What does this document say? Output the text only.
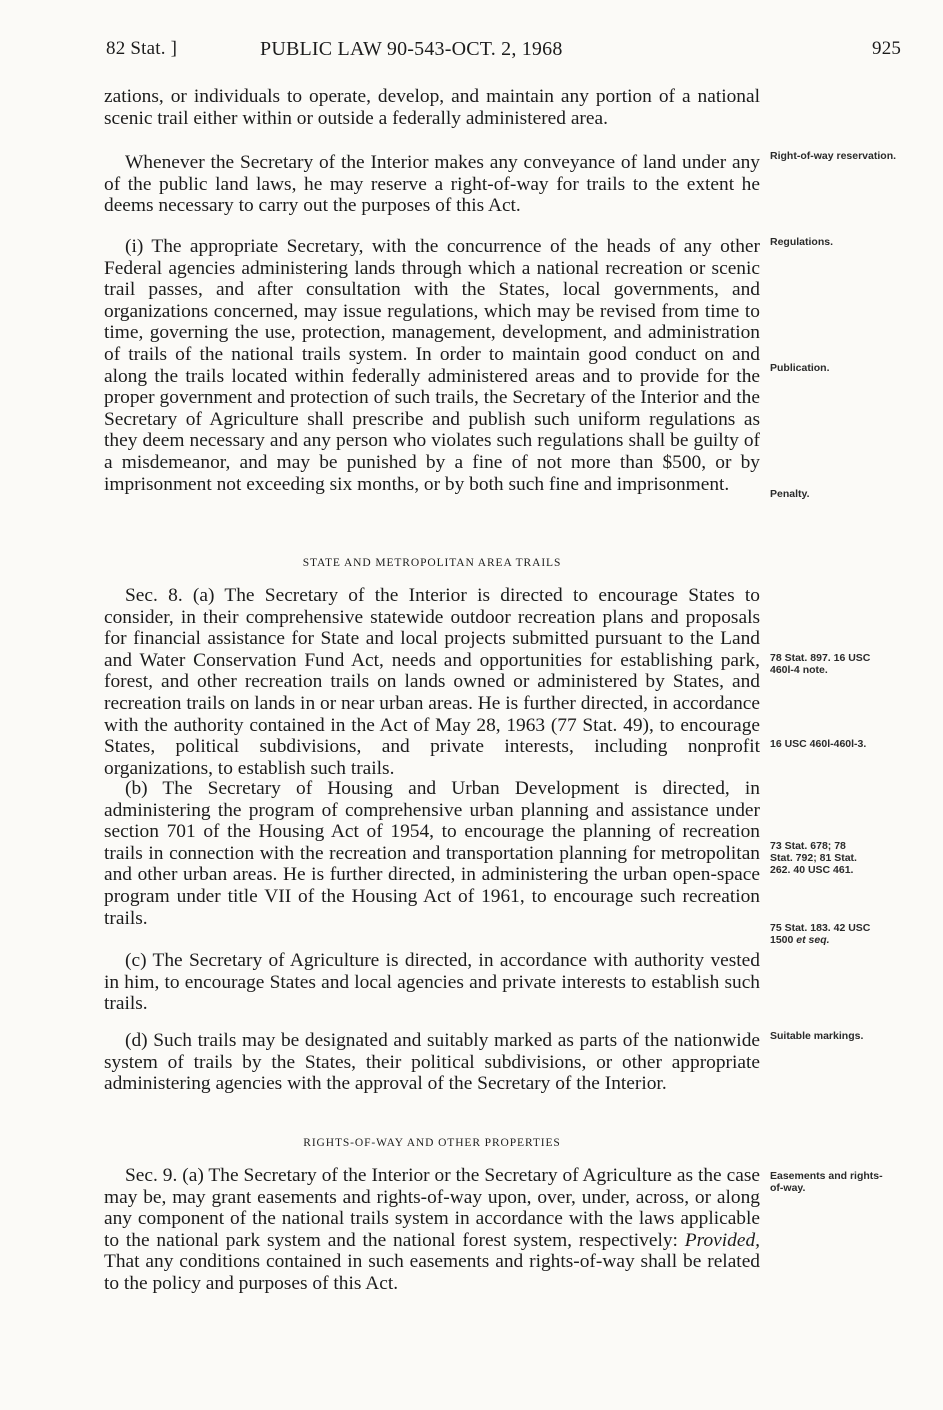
82 Stat. ]	PUBLIC LAW 90-543-OCT. 2, 1968	925

zations, or individuals to operate, develop, and maintain any portion of a national scenic trail either within or outside a federally administered area.

Whenever the Secretary of the Interior makes any conveyance of land under any of the public land laws, he may reserve a right-of-way for trails to the extent he deems necessary to carry out the purposes of this Act.

(i) The appropriate Secretary, with the concurrence of the heads of any other Federal agencies administering lands through which a national recreation or scenic trail passes, and after consultation with the States, local governments, and organizations concerned, may issue regulations, which may be revised from time to time, governing the use, protection, management, development, and administration of trails of the national trails system. In order to maintain good conduct on and along the trails located within federally administered areas and to provide for the proper government and protection of such trails, the Secretary of the Interior and the Secretary of Agriculture shall prescribe and publish such uniform regulations as they deem necessary and any person who violates such regulations shall be guilty of a misdemeanor, and may be punished by a fine of not more than $500, or by imprisonment not exceeding six months, or by both such fine and imprisonment.

STATE AND METROPOLITAN AREA TRAILS

Sec. 8. (a) The Secretary of the Interior is directed to encourage States to consider, in their comprehensive statewide outdoor recreation plans and proposals for financial assistance for State and local projects submitted pursuant to the Land and Water Conservation Fund Act, needs and opportunities for establishing park, forest, and other recreation trails on lands owned or administered by States, and recreation trails on lands in or near urban areas. He is further directed, in accordance with the authority contained in the Act of May 28, 1963 (77 Stat. 49), to encourage States, political subdivisions, and private interests, including nonprofit organizations, to establish such trails.

(b) The Secretary of Housing and Urban Development is directed, in administering the program of comprehensive urban planning and assistance under section 701 of the Housing Act of 1954, to encourage the planning of recreation trails in connection with the recreation and transportation planning for metropolitan and other urban areas. He is further directed, in administering the urban open-space program under title VII of the Housing Act of 1961, to encourage such recreation trails.

(c) The Secretary of Agriculture is directed, in accordance with authority vested in him, to encourage States and local agencies and private interests to establish such trails.

(d) Such trails may be designated and suitably marked as parts of the nationwide system of trails by the States, their political subdivisions, or other appropriate administering agencies with the approval of the Secretary of the Interior.

RIGHTS-OF-WAY AND OTHER PROPERTIES

Sec. 9. (a) The Secretary of the Interior or the Secretary of Agriculture as the case may be, may grant easements and rights-of-way upon, over, under, across, or along any component of the national trails system in accordance with the laws applicable to the national park system and the national forest system, respectively: Provided, That any conditions contained in such easements and rights-of-way shall be related to the policy and purposes of this Act.

Right-of-way reservation.
Regulations.
Publication.
Penalty.
78 Stat. 897. 16 USC 460l-4 note.
16 USC 460l-460l-3.
73 Stat. 678; 78 Stat. 792; 81 Stat. 262. 40 USC 461.
75 Stat. 183. 42 USC 1500 et seq.
Suitable markings.
Easements and rights-of-way.
